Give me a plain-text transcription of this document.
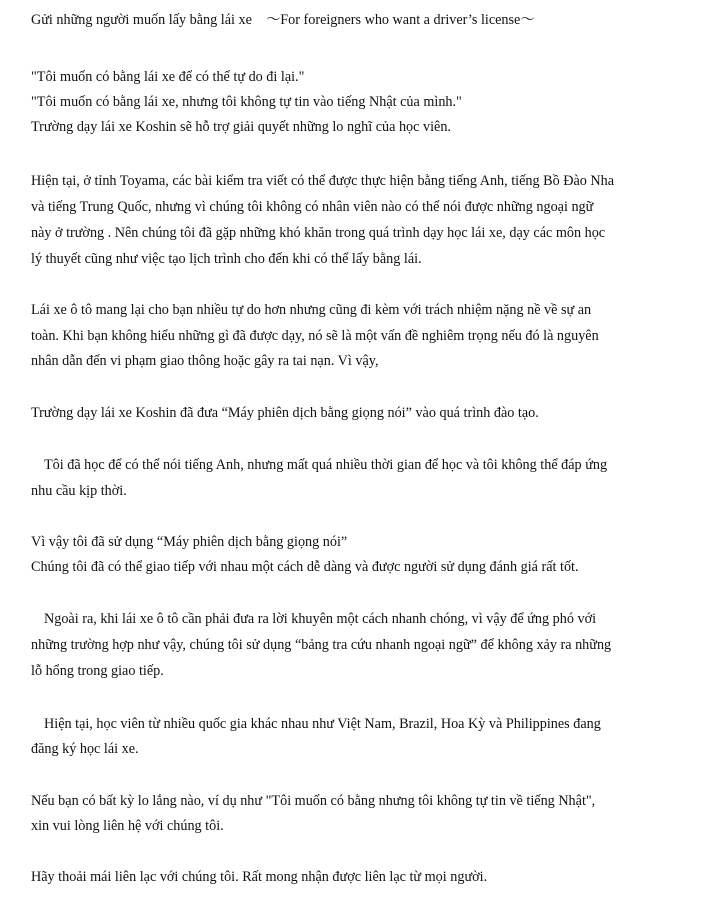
Gửi những người muốn lấy bằng lái xe　～For foreigners who want a driver’s license～
"Tôi muốn có bằng lái xe để có thể tự do đi lại."
"Tôi muốn có bằng lái xe, nhưng tôi không tự tin vào tiếng Nhật của mình."
Trường dạy lái xe Koshin sẽ hỗ trợ giải quyết những lo nghĩ của học viên.
Hiện tại, ở tỉnh Toyama, các bài kiểm tra viết có thể được thực hiện bằng tiếng Anh, tiếng Bồ Đào Nha
và tiếng Trung Quốc, nhưng vì chúng tôi không có nhân viên nào có thể nói được những ngoại ngữ
này ở trường . Nên chúng tôi đã gặp những khó khăn trong quá trình dạy học lái xe, dạy các môn học
lý thuyết cũng như việc tạo lịch trình cho đến khi có thể lấy bằng lái.
Lái xe ô tô mang lại cho bạn nhiều tự do hơn nhưng cũng đi kèm với trách nhiệm nặng nề về sự an
toàn. Khi bạn không hiểu những gì đã được dạy, nó sẽ là một vấn đề nghiêm trọng nếu đó là nguyên
nhân dẫn đến vi phạm giao thông hoặc gây ra tai nạn. Vì vậy,
Trường dạy lái xe Koshin đã đưa “Máy phiên dịch bằng giọng nói” vào quá trình đào tạo.
Tôi đã học để có thể nói tiếng Anh, nhưng mất quá nhiều thời gian để học và tôi không thể đáp ứng
nhu cầu kịp thời.
Vì vậy tôi đã sử dụng “Máy phiên dịch bằng giọng nói”
Chúng tôi đã có thể giao tiếp với nhau một cách dễ dàng và được người sử dụng đánh giá rất tốt.
Ngoài ra, khi lái xe ô tô cần phải đưa ra lời khuyên một cách nhanh chóng, vì vậy để ứng phó với
những trường hợp như vậy, chúng tôi sử dụng “bảng tra cứu nhanh ngoại ngữ” để không xảy ra những
lỗ hổng trong giao tiếp.
Hiện tại, học viên từ nhiều quốc gia khác nhau như Việt Nam, Brazil, Hoa Kỳ và Philippines đang
đăng ký học lái xe.
Nếu bạn có bất kỳ lo lắng nào, ví dụ như "Tôi muốn có bằng nhưng tôi không tự tin về tiếng Nhật",
xin vui lòng liên hệ với chúng tôi.
Hãy thoải mái liên lạc với chúng tôi. Rất mong nhận được liên lạc từ mọi người.
